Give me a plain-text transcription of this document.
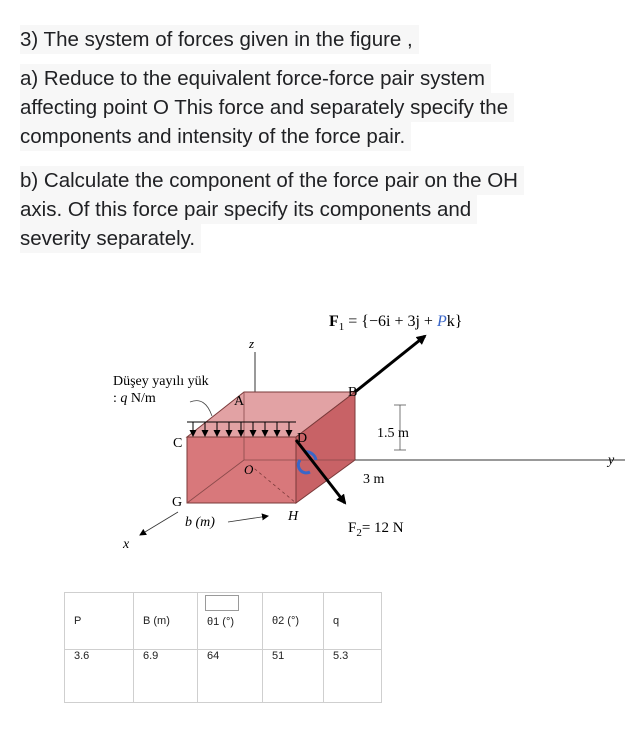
3) The system of forces given in the figure ,
a) Reduce to the equivalent force-force pair system
affecting point O This force and separately specify the
components and intensity of the force pair.
b) Calculate the component of the force pair on the OH
axis. Of this force pair specify its components and
severity separately.
$F_1 = \{-6i + 3j + Pk\}$
Düşey yayılı yük
: q N/m
z
A
B
C	D
O
G
H
x
y
1.5 m
3 m
b (m)	$F_2= 12$ N
P	B (m)	θ1 (°)	θ2 (°)	q

3.6	6.9	64	51	5.3
